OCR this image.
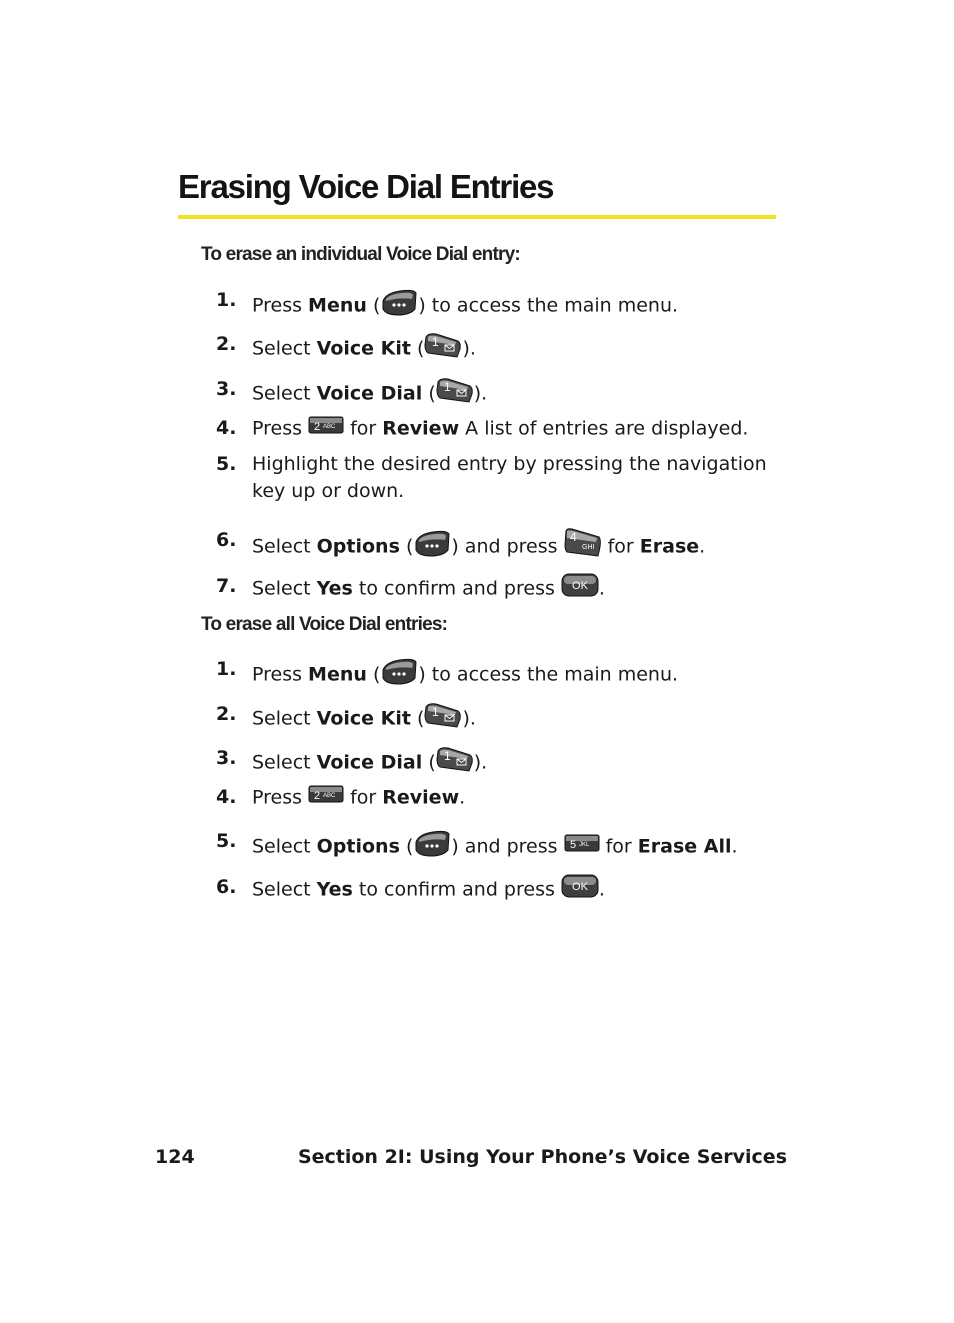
Erasing Voice Dial Entries
To erase an individual Voice Dial entry:
1. Press Menu ( ) to access the main menu.
2. Select Voice Kit ( 1 ).
3. Select Voice Dial ( 1 ).
4. Press 2 ABC for Review A list of entries are displayed.
5. Highlight the desired entry by pressing the navigation key up or down.
6. Select Options ( ) and press 4
GHI for Erase.
7. Select Yes to confirm and press OK .
To erase all Voice Dial entries:
1. Press Menu ( ) to access the main menu.
2. Select Voice Kit ( 1 ).
3. Select Voice Dial ( 1 ).
4. Press 2 ABC for Review.
5. Select Options ( ) and press 5 JKL for Erase All.
6. Select Yes to confirm and press OK .
124	Section 2I: Using Your Phone’s Voice Services
